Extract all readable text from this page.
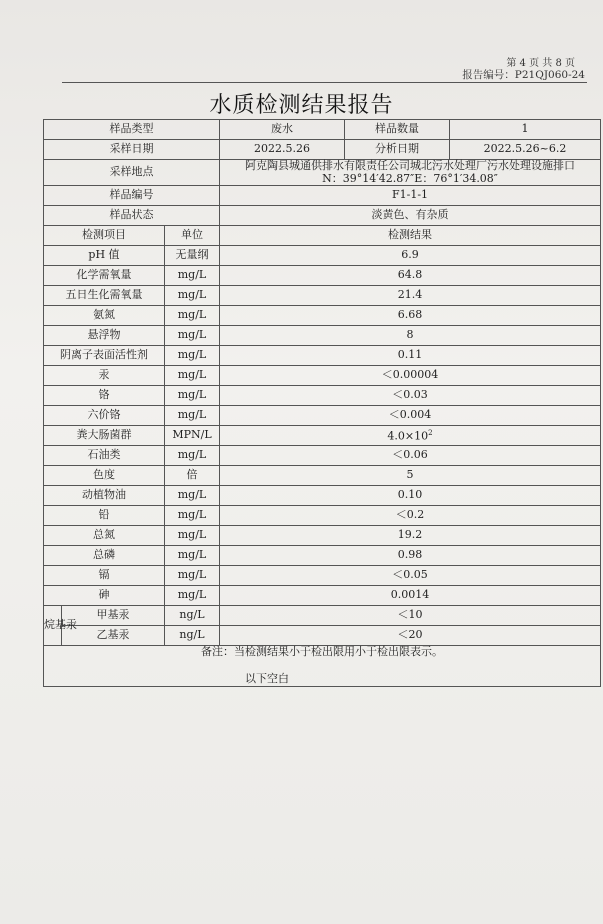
第 4 页 共 8 页
报告编号：P21QJ060-24
水质检测结果报告
样品类型			废水	样品数量	1
采样日期			2022.5.26	分析日期	2022.5.26~6.2
采样地点			阿克陶县城通供排水有限责任公司城北污水处理厂污水处理设施排口
N：39°14′42.87″E：76°1′34.08″		

样品编号			F1-1-1		
样品状态			淡黄色、有杂质		
检测项目		单位	检测结果		
pH 值		无量纲	6.9		
化学需氧量		mg/L	64.8		
五日生化需氧量		mg/L	21.4		
氨氮		mg/L	6.68		
悬浮物		mg/L	8		
阴离子表面活性剂		mg/L	0.11		
汞		mg/L	＜0.00004		
铬		mg/L	＜0.03		
六价铬		mg/L	＜0.004		
粪大肠菌群		MPN/L	$4.0\times 10^2$
石油类		mg/L	＜0.06		
色度		倍	5		
动植物油		mg/L	0.10		
铅		mg/L	＜0.2		
总氮		mg/L	19.2		
总磷		mg/L	0.98		
镉		mg/L	＜0.05		
砷		mg/L	0.0014		
烷基汞	甲基汞	ng/L	＜10		
	乙基汞	ng/L	＜20		

备注：当检测结果小于检出限用小于检出限表示。
以下空白					
